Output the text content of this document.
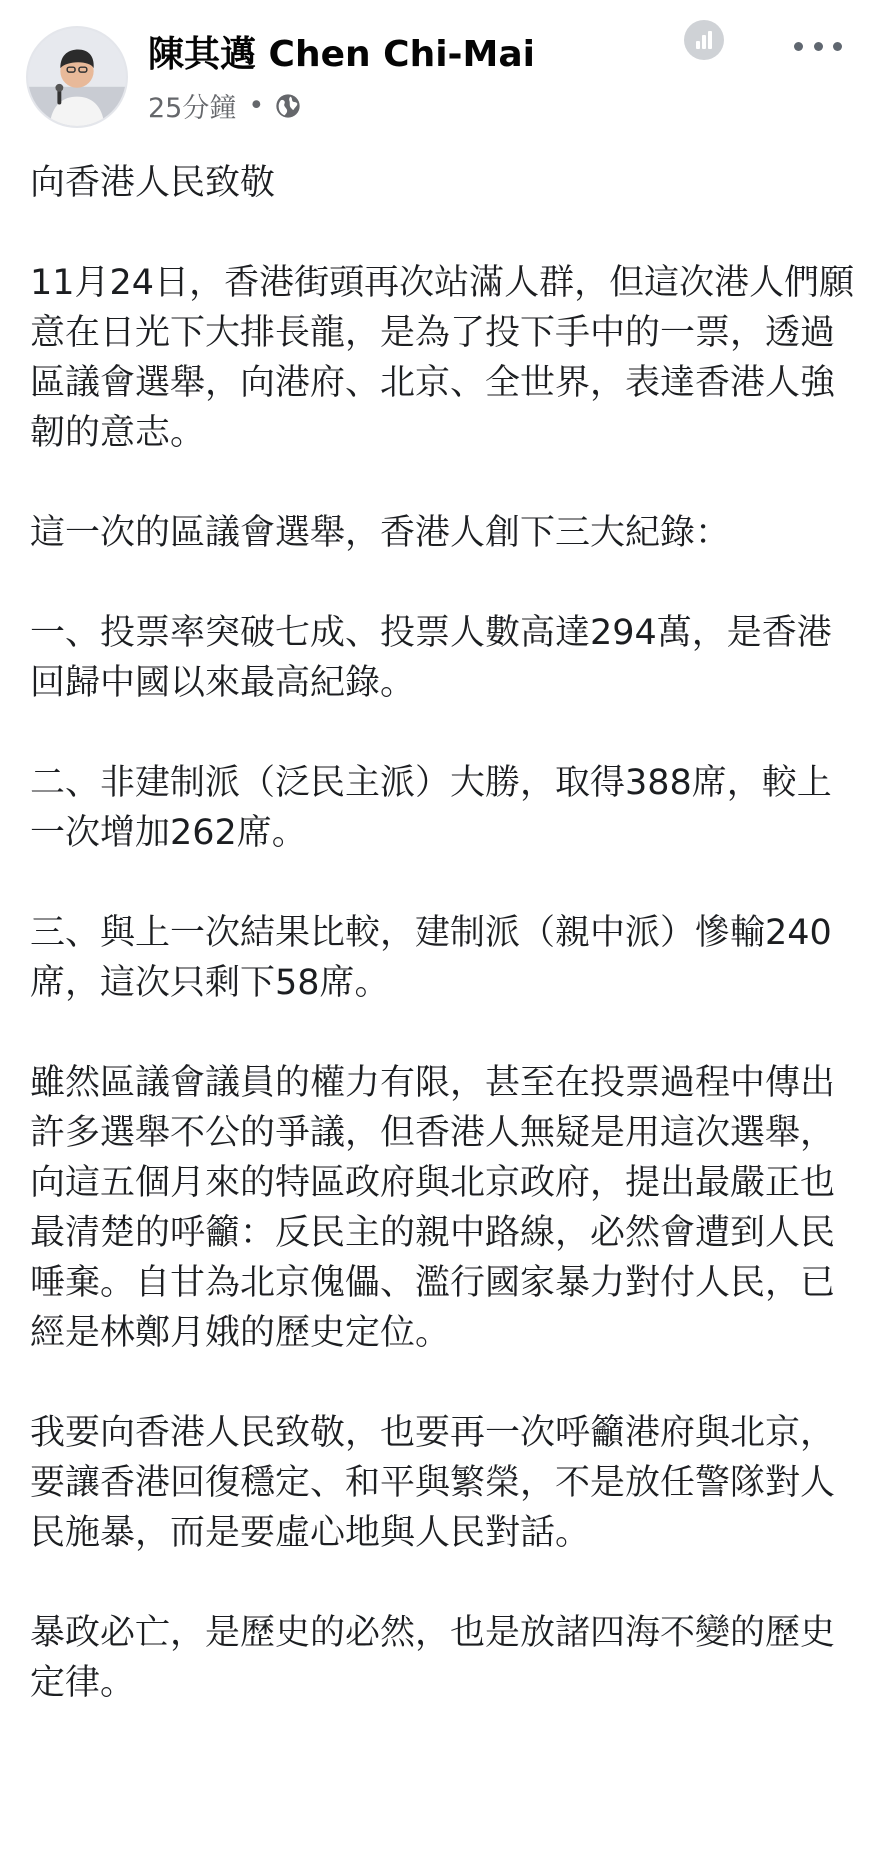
陳其邁 Chen Chi-Mai
25分鐘 •

向香港人民致敬

11月24日，香港街頭再次站滿人群，但這次港人們願意在日光下大排長龍，是為了投下手中的一票，透過區議會選舉，向港府、北京、全世界，表達香港人強韌的意志。

這一次的區議會選舉，香港人創下三大紀錄：

一、投票率突破七成、投票人數高達294萬，是香港回歸中國以來最高紀錄。

二、非建制派（泛民主派）大勝，取得388席，較上一次增加262席。

三、與上一次結果比較，建制派（親中派）慘輸240席，這次只剩下58席。

雖然區議會議員的權力有限，甚至在投票過程中傳出許多選舉不公的爭議，但香港人無疑是用這次選舉，向這五個月來的特區政府與北京政府，提出最嚴正也最清楚的呼籲：反民主的親中路線，必然會遭到人民唾棄。自甘為北京傀儡、濫行國家暴力對付人民，已經是林鄭月娥的歷史定位。

我要向香港人民致敬，也要再一次呼籲港府與北京，要讓香港回復穩定、和平與繁榮，不是放任警隊對人民施暴，而是要虛心地與人民對話。

暴政必亡，是歷史的必然，也是放諸四海不變的歷史定律。
